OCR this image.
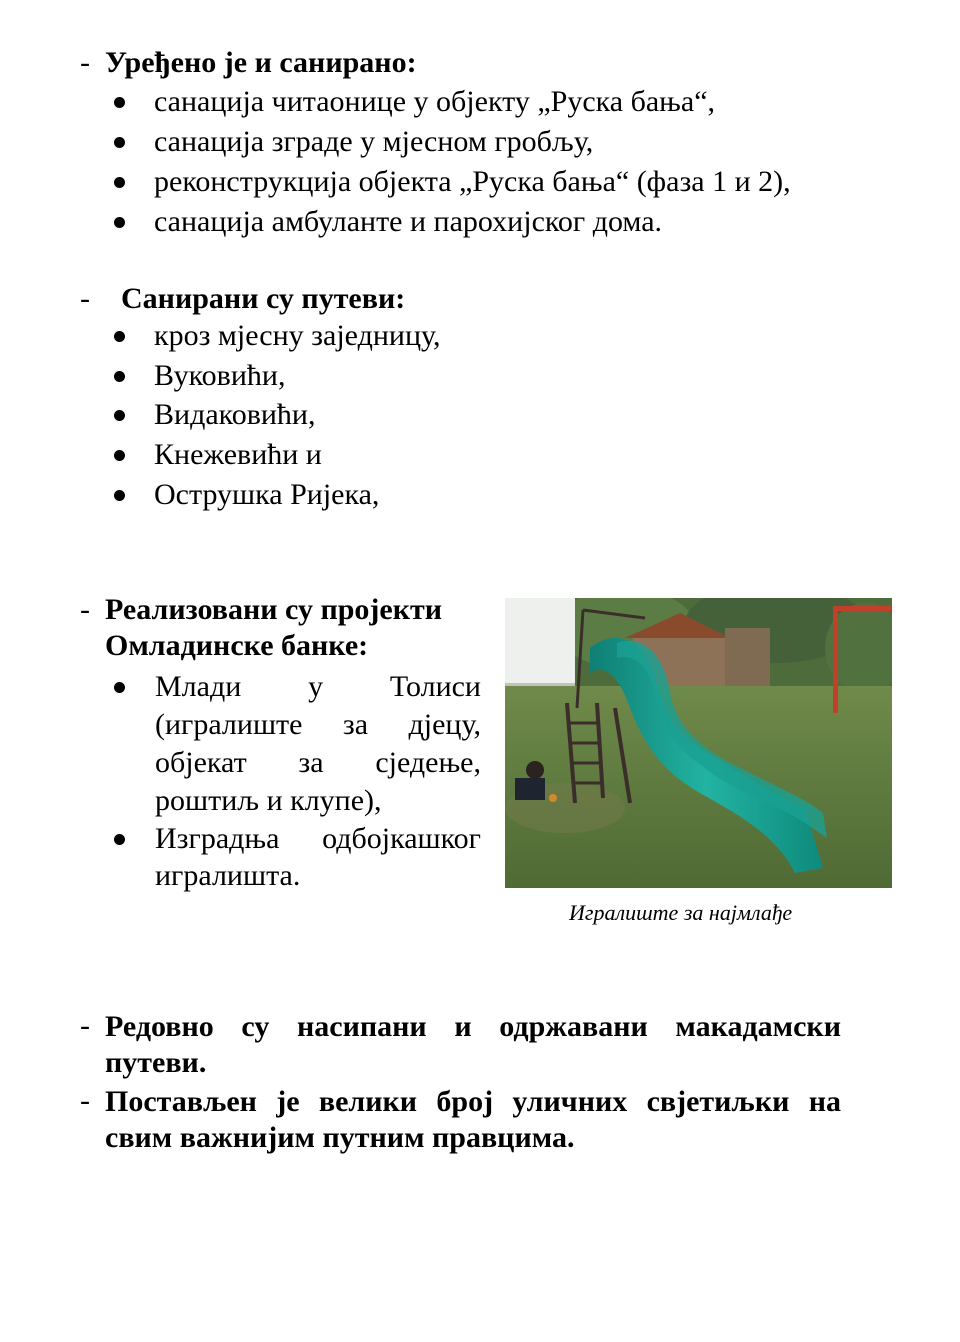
- Уређено је и санирано:
санација читаонице у објекту „Руска бања“,
санација зграде у мјесном гробљу,
реконструкција објекта „Руска бања“ (фаза 1 и 2),
санација амбуланте и парохијског дома.
- Санирани су путеви:
кроз мјесну заједницу,
Вуковићи,
Видаковићи,
Кнежевићи и
Острушка Ријека,
- Реализовани су пројекти
Омладинске банке:
Млади у Толиси
(игралиште за дјецу,
објекат за сједење,
роштиљ и клупе),
Изградња одбојкашког
игралишта.
Игралиште за најмлађе
- Редовно су насипани и одржавани макадамски
путеви.
- Постављен је велики број уличних свјетиљки на
свим важнијим путним правцима.
